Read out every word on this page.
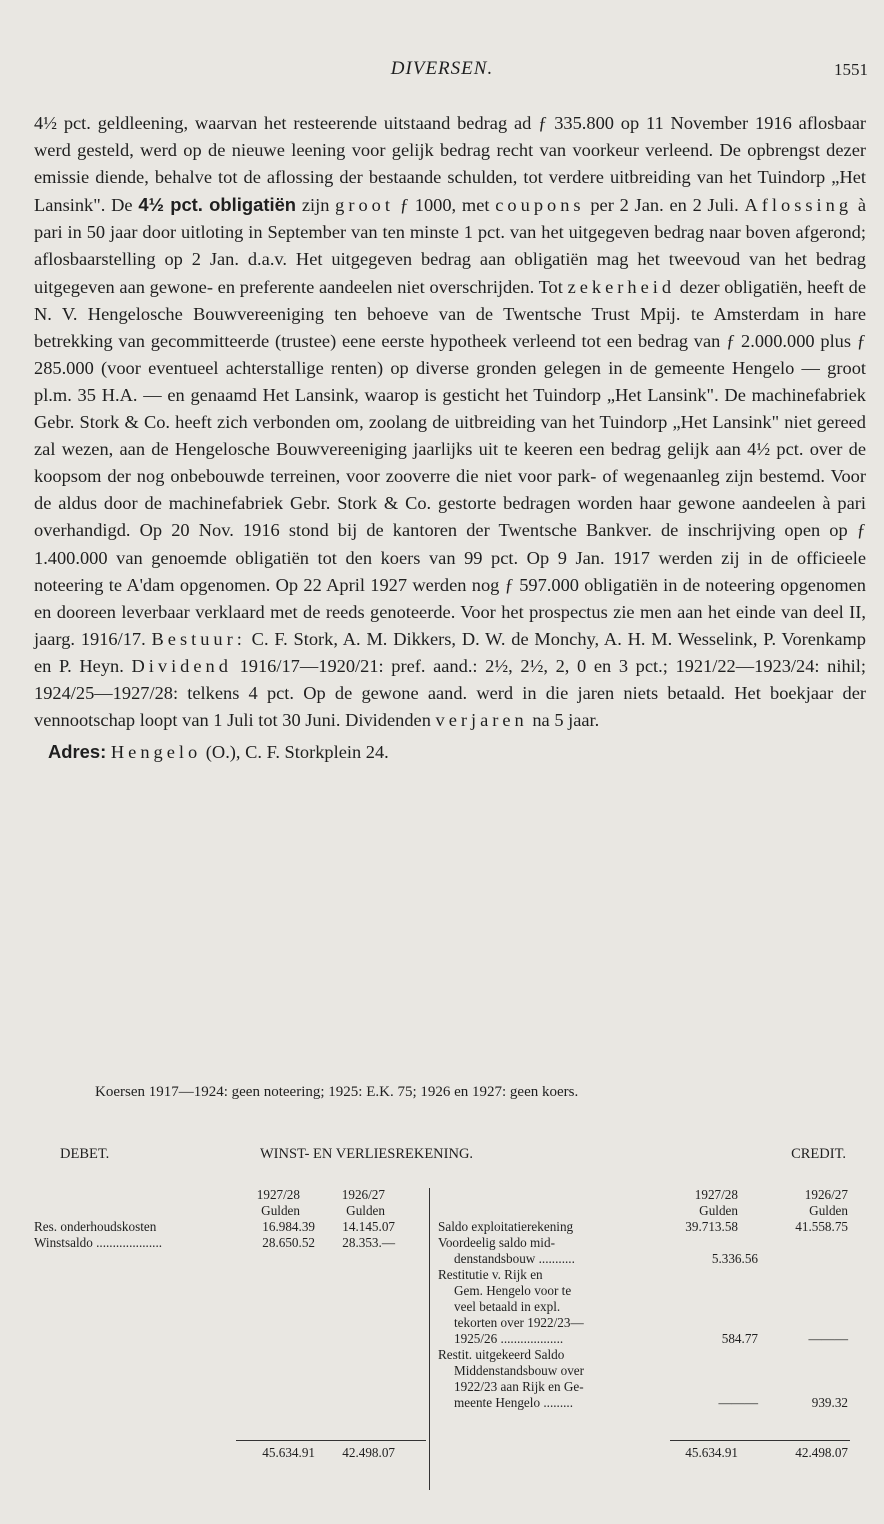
DIVERSEN.	1551

4½ pct. geldleening, waarvan het resteerende uitstaand bedrag ad ƒ 335.800 op 11 November 1916 aflosbaar werd gesteld, werd op de nieuwe leening voor gelijk bedrag recht van voorkeur verleend. De opbrengst dezer emissie diende, behalve tot de aflossing der bestaande schulden, tot verdere uitbreiding van het Tuindorp „Het Lansink". De 4½ pct. obligatiën zijn groot ƒ 1000, met coupons per 2 Jan. en 2 Juli. Aflossing à pari in 50 jaar door uitloting in September van ten minste 1 pct. van het uitgegeven bedrag naar boven afgerond; aflosbaarstelling op 2 Jan. d.a.v. Het uitgegeven bedrag aan obligatiën mag het tweevoud van het bedrag uitgegeven aan gewone- en preferente aandeelen niet overschrijden. Tot zekerheid dezer obligatiën, heeft de N. V. Hengelosche Bouwvereeniging ten behoeve van de Twentsche Trust Mpij. te Amsterdam in hare betrekking van gecommitteerde (trustee) eene eerste hypotheek verleend tot een bedrag van ƒ 2.000.000 plus ƒ 285.000 (voor eventueel achterstallige renten) op diverse gronden gelegen in de gemeente Hengelo — groot pl.m. 35 H.A. — en genaamd Het Lansink, waarop is gesticht het Tuindorp „Het Lansink". De machinefabriek Gebr. Stork & Co. heeft zich verbonden om, zoolang de uitbreiding van het Tuindorp „Het Lansink" niet gereed zal wezen, aan de Hengelosche Bouwvereeniging jaarlijks uit te keeren een bedrag gelijk aan 4½ pct. over de koopsom der nog onbebouwde terreinen, voor zooverre die niet voor park- of wegenaanleg zijn bestemd. Voor de aldus door de machinefabriek Gebr. Stork & Co. gestorte bedragen worden haar gewone aandeelen à pari overhandigd. Op 20 Nov. 1916 stond bij de kantoren der Twentsche Bankver. de inschrijving open op ƒ 1.400.000 van genoemde obligatiën tot den koers van 99 pct. Op 9 Jan. 1917 werden zij in de officieele noteering te A'dam opgenomen. Op 22 April 1927 werden nog ƒ 597.000 obligatiën in de noteering opgenomen en dooreen leverbaar verklaard met de reeds genoteerde. Voor het prospectus zie men aan het einde van deel II, jaarg. 1916/17. Bestuur: C. F. Stork, A. M. Dikkers, D. W. de Monchy, A. H. M. Wesselink, P. Vorenkamp en P. Heyn. Dividend 1916/17—1920/21: pref. aand.: 2½, 2½, 2, 0 en 3 pct.; 1921/22—1923/24: nihil; 1924/25—1927/28: telkens 4 pct. Op de gewone aand. werd in die jaren niets betaald. Het boekjaar der vennootschap loopt van 1 Juli tot 30 Juni. Dividenden verjaren na 5 jaar.

Adres: Hengelo (O.), C. F. Storkplein 24.

Koersen 1917—1924: geen noteering; 1925: E.K. 75; 1926 en 1927: geen koers.
DEBET.	WINST- EN VERLIESREKENING.	CREDIT.
1927/28	1926/27
Gulden	Gulden
Res. onderhoudskosten	16.984.39	14.145.07
Winstsaldo ....................	28.650.52	28.353.—
45.634.91	42.498.07
1927/28	1926/27
Gulden	Gulden
Saldo exploitatierekening	39.713.58	41.558.75
Voordeelig saldo mid-
denstandsbouw ...........	5.336.56
Restitutie v. Rijk en
Gem. Hengelo voor te
veel betaald in expl.
tekorten over 1922/23—
1925/26 ...................	584.77	———
Restit. uitgekeerd Saldo
Middenstandsbouw over
1922/23 aan Rijk en Ge-
meente Hengelo .........	———	939.32
45.634.91	42.498.07
